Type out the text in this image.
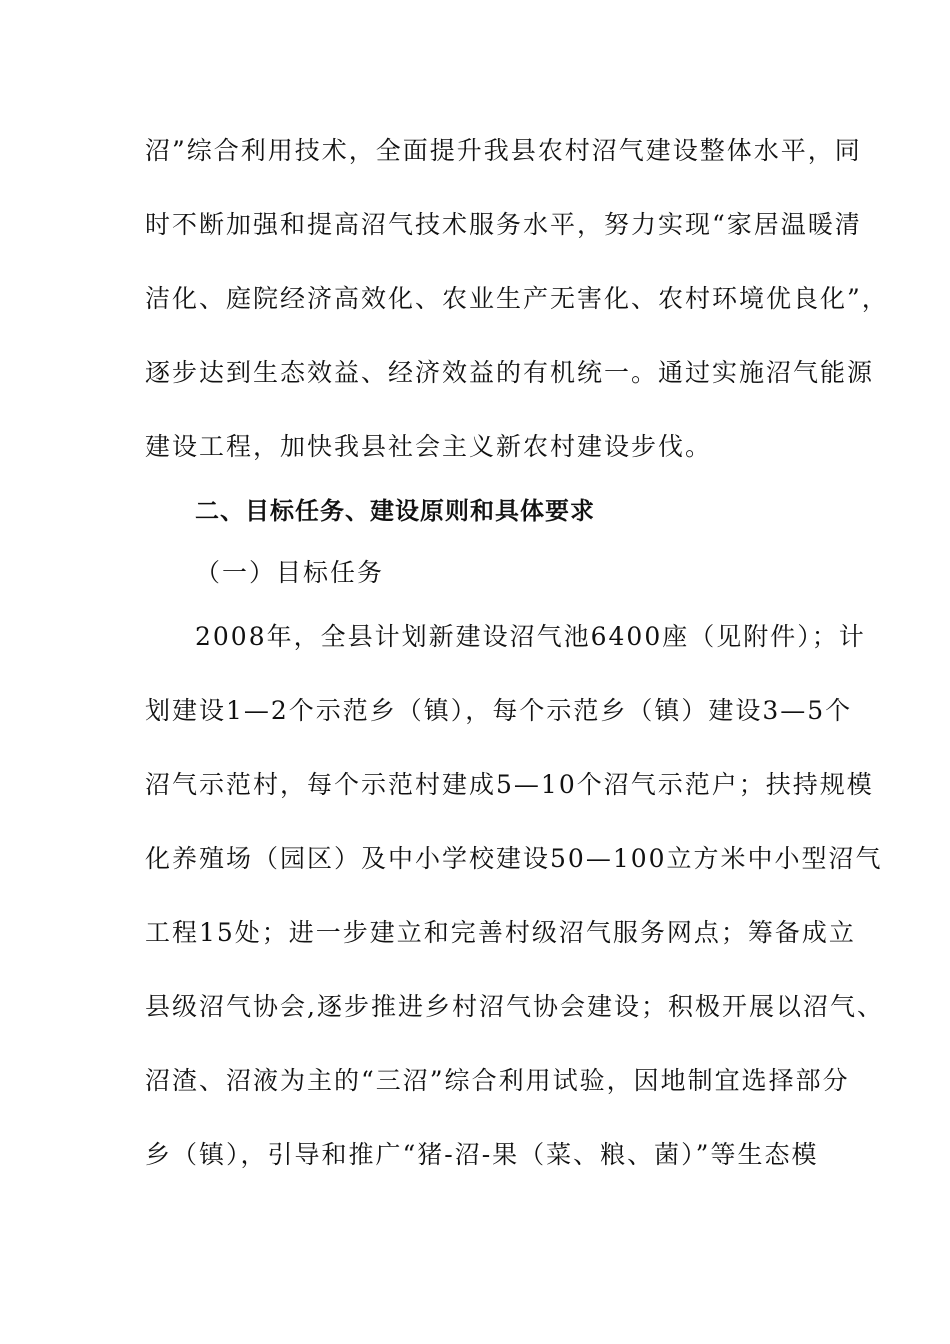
沼”综合利用技术，全面提升我县农村沼气建设整体水平，同
时不断加强和提高沼气技术服务水平，努力实现“家居温暖清
洁化、庭院经济高效化、农业生产无害化、农村环境优良化”，
逐步达到生态效益、经济效益的有机统一。通过实施沼气能源
建设工程，加快我县社会主义新农村建设步伐。
二、目标任务、建设原则和具体要求
（一）目标任务
2008年，全县计划新建设沼气池6400座（见附件）；计
划建设1—2个示范乡（镇），每个示范乡（镇）建设3—5个
沼气示范村，每个示范村建成5—10个沼气示范户；扶持规模
化养殖场（园区）及中小学校建设50—100立方米中小型沼气
工程15处；进一步建立和完善村级沼气服务网点；筹备成立
县级沼气协会,逐步推进乡村沼气协会建设；积极开展以沼气、
沼渣、沼液为主的“三沼”综合利用试验，因地制宜选择部分
乡（镇），引导和推广“猪-沼-果（菜、粮、菌）”等生态模
